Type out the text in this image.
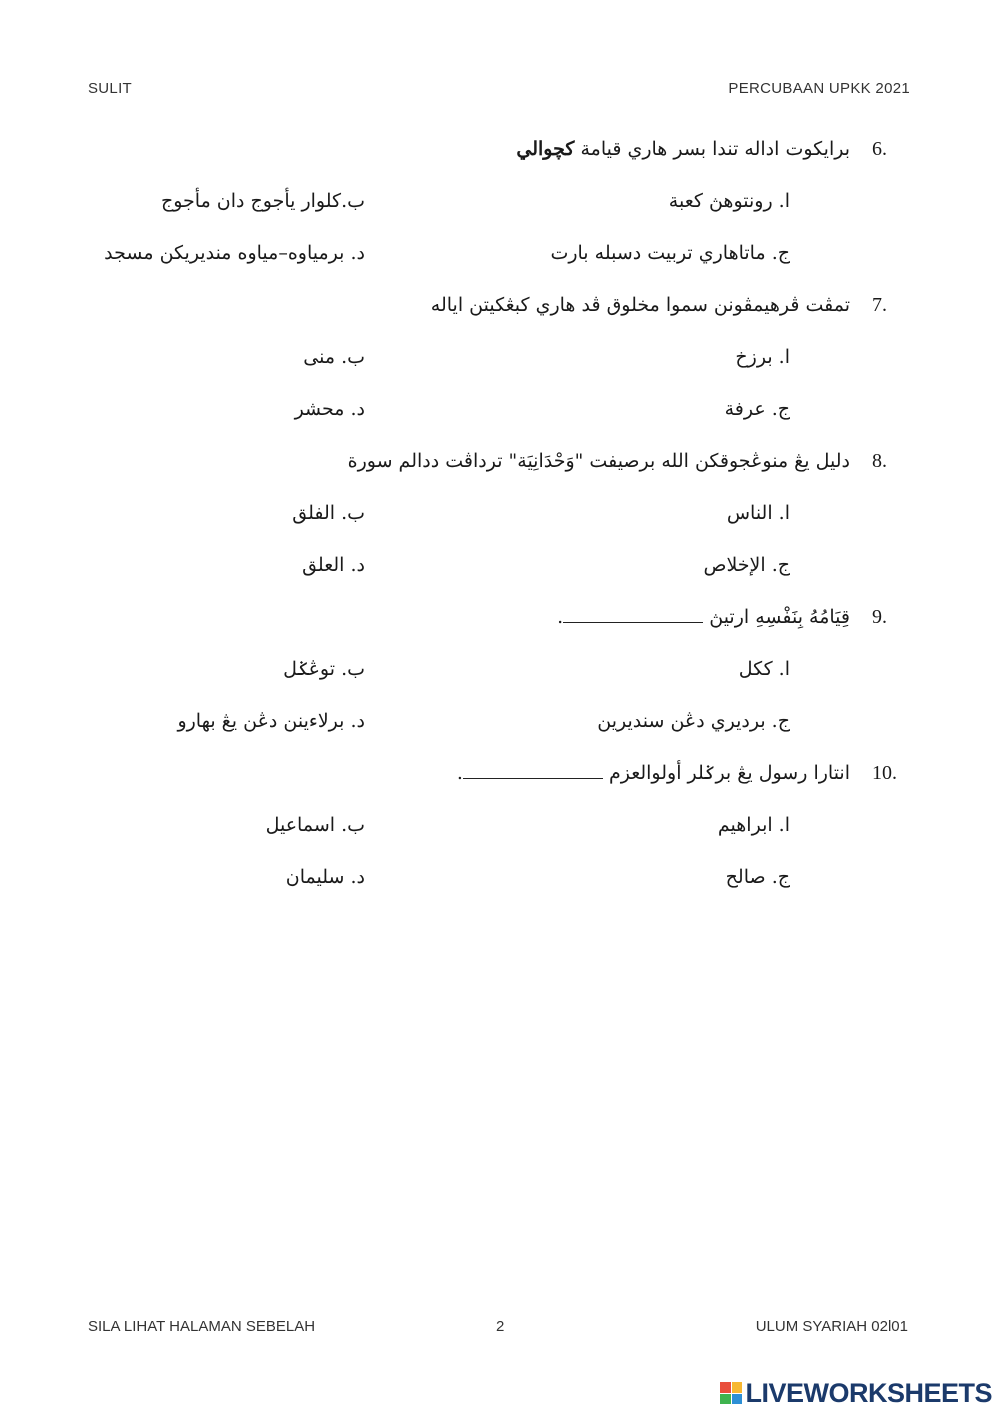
SULIT	PERCUBAAN UPKK 2021
6.
برايكوت اداله تندا بسر هاري قيامة كچوالي
ا. رونتوهڽ كعبة
ب.كلوار يأجوج دان مأجوج
ج. ماتاهاري تربيت دسبله بارت
د. برمياوه–مياوه منديريكن مسجد
7.
تمڤت ڤرهيمڤونن سموا مخلوق ڤد هاري كبڠكيتن اياله
ا. برزخ
ب. منى
ج. عرفة
د. محشر
8.
دليل يڠ منوڠجوقكن الله برصيفت "وَحْدَانِيَة" ترداڤت ددالم سورة
ا. الناس
ب. الفلق
ج. الإخلاص
د. العلق
9.
قِيَامُهُ بِنَفْسِهِ ارتيڽ .
ا. ككل
ب. توڠݢل
ج. برديري دڠن سنديرين
د. برلاءينن دڠن يڠ بهارو
10.
انتارا رسول يڠ برݢلر أولوالعزم .
ا. ابراهيم
ب. اسماعيل
ج. صالح
د. سليمان
SILA LIHAT HALAMAN SEBELAH	2	ULUM SYARIAH 02l01
LIVEWORKSHEETS
